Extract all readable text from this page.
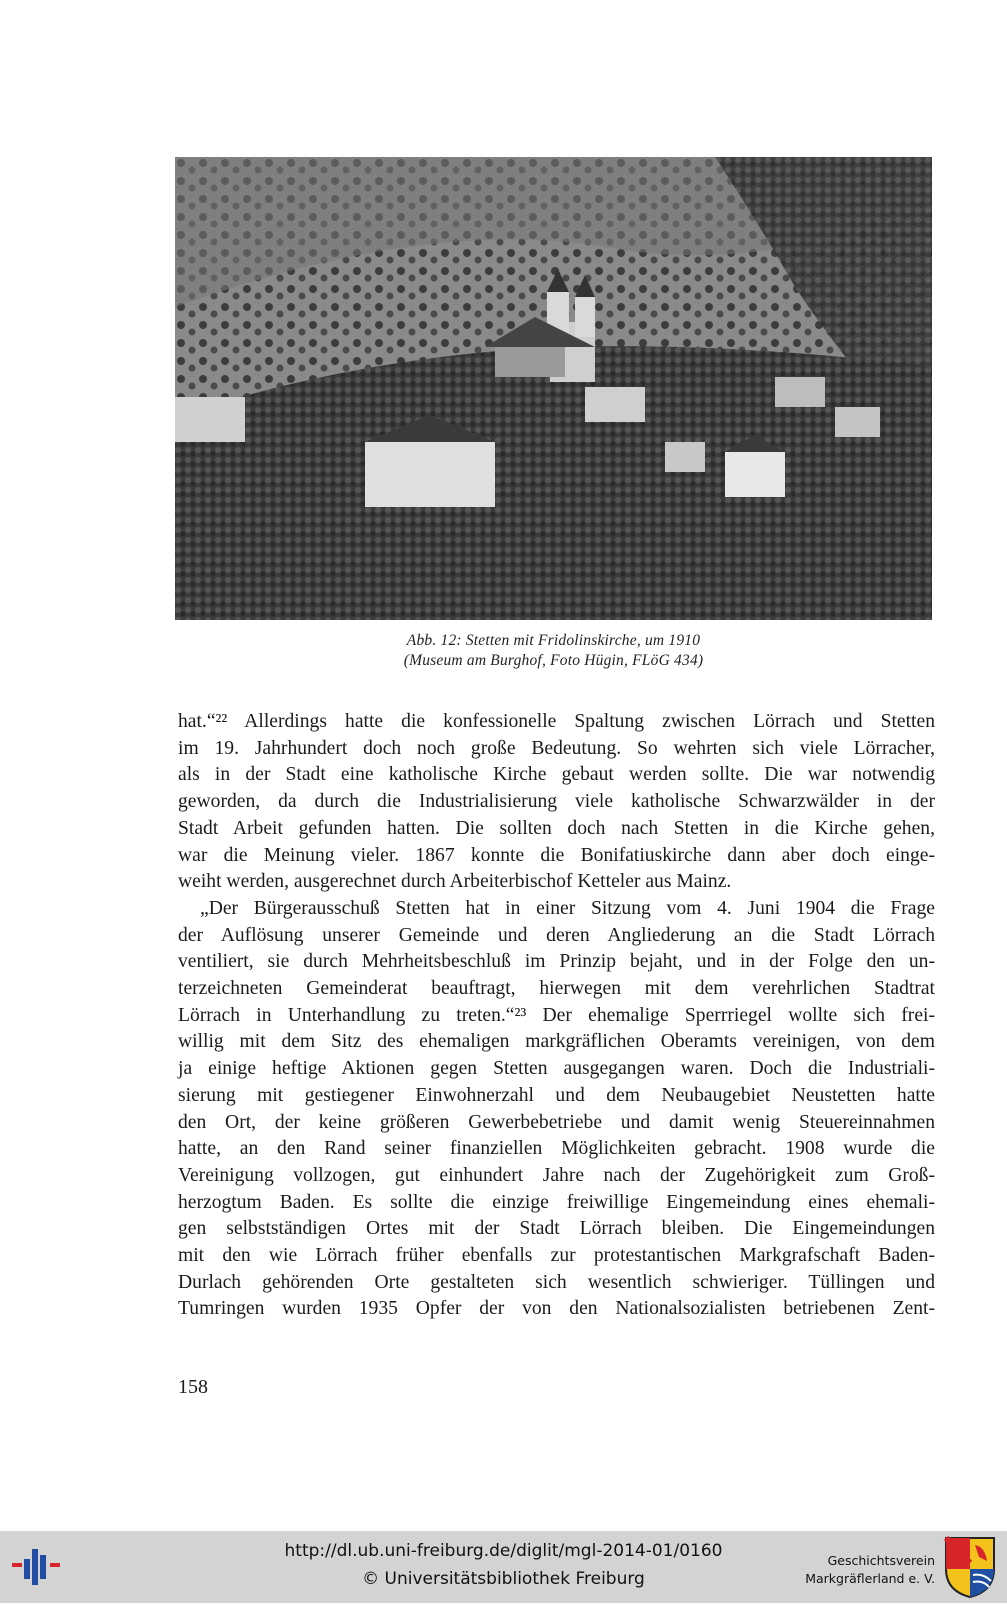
Abb. 12: Stetten mit Fridolinskirche, um 1910
(Museum am Burghof, Foto Hügin, FLöG 434)
hat.“²² Allerdings hatte die konfessionelle Spaltung zwischen Lörrach und Stetten
im 19. Jahrhundert doch noch große Bedeutung. So wehrten sich viele Lörracher,
als in der Stadt eine katholische Kirche gebaut werden sollte. Die war notwendig
geworden, da durch die Industrialisierung viele katholische Schwarzwälder in der
Stadt Arbeit gefunden hatten. Die sollten doch nach Stetten in die Kirche gehen,
war die Meinung vieler. 1867 konnte die Bonifatiuskirche dann aber doch einge-
weiht werden, ausgerechnet durch Arbeiterbischof Ketteler aus Mainz.
„Der Bürgerausschuß Stetten hat in einer Sitzung vom 4. Juni 1904 die Frage
der Auflösung unserer Gemeinde und deren Angliederung an die Stadt Lörrach
ventiliert, sie durch Mehrheitsbeschluß im Prinzip bejaht, und in der Folge den un-
terzeichneten Gemeinderat beauftragt, hierwegen mit dem verehrlichen Stadtrat
Lörrach in Unterhandlung zu treten.“²³ Der ehemalige Sperrriegel wollte sich frei-
willig mit dem Sitz des ehemaligen markgräflichen Oberamts vereinigen, von dem
ja einige heftige Aktionen gegen Stetten ausgegangen waren. Doch die Industriali-
sierung mit gestiegener Einwohnerzahl und dem Neubaugebiet Neustetten hatte
den Ort, der keine größeren Gewerbebetriebe und damit wenig Steuereinnahmen
hatte, an den Rand seiner finanziellen Möglichkeiten gebracht. 1908 wurde die
Vereinigung vollzogen, gut einhundert Jahre nach der Zugehörigkeit zum Groß-
herzogtum Baden. Es sollte die einzige freiwillige Eingemeindung eines ehemali-
gen selbstständigen Ortes mit der Stadt Lörrach bleiben. Die Eingemeindungen
mit den wie Lörrach früher ebenfalls zur protestantischen Markgrafschaft Baden-
Durlach gehörenden Orte gestalteten sich wesentlich schwieriger. Tüllingen und
Tumringen wurden 1935 Opfer der von den Nationalsozialisten betriebenen Zent-
158
http://dl.ub.uni-freiburg.de/diglit/mgl-2014-01/0160
© Universitätsbibliothek Freiburg
Geschichtsverein
Markgräflerland e. V.
